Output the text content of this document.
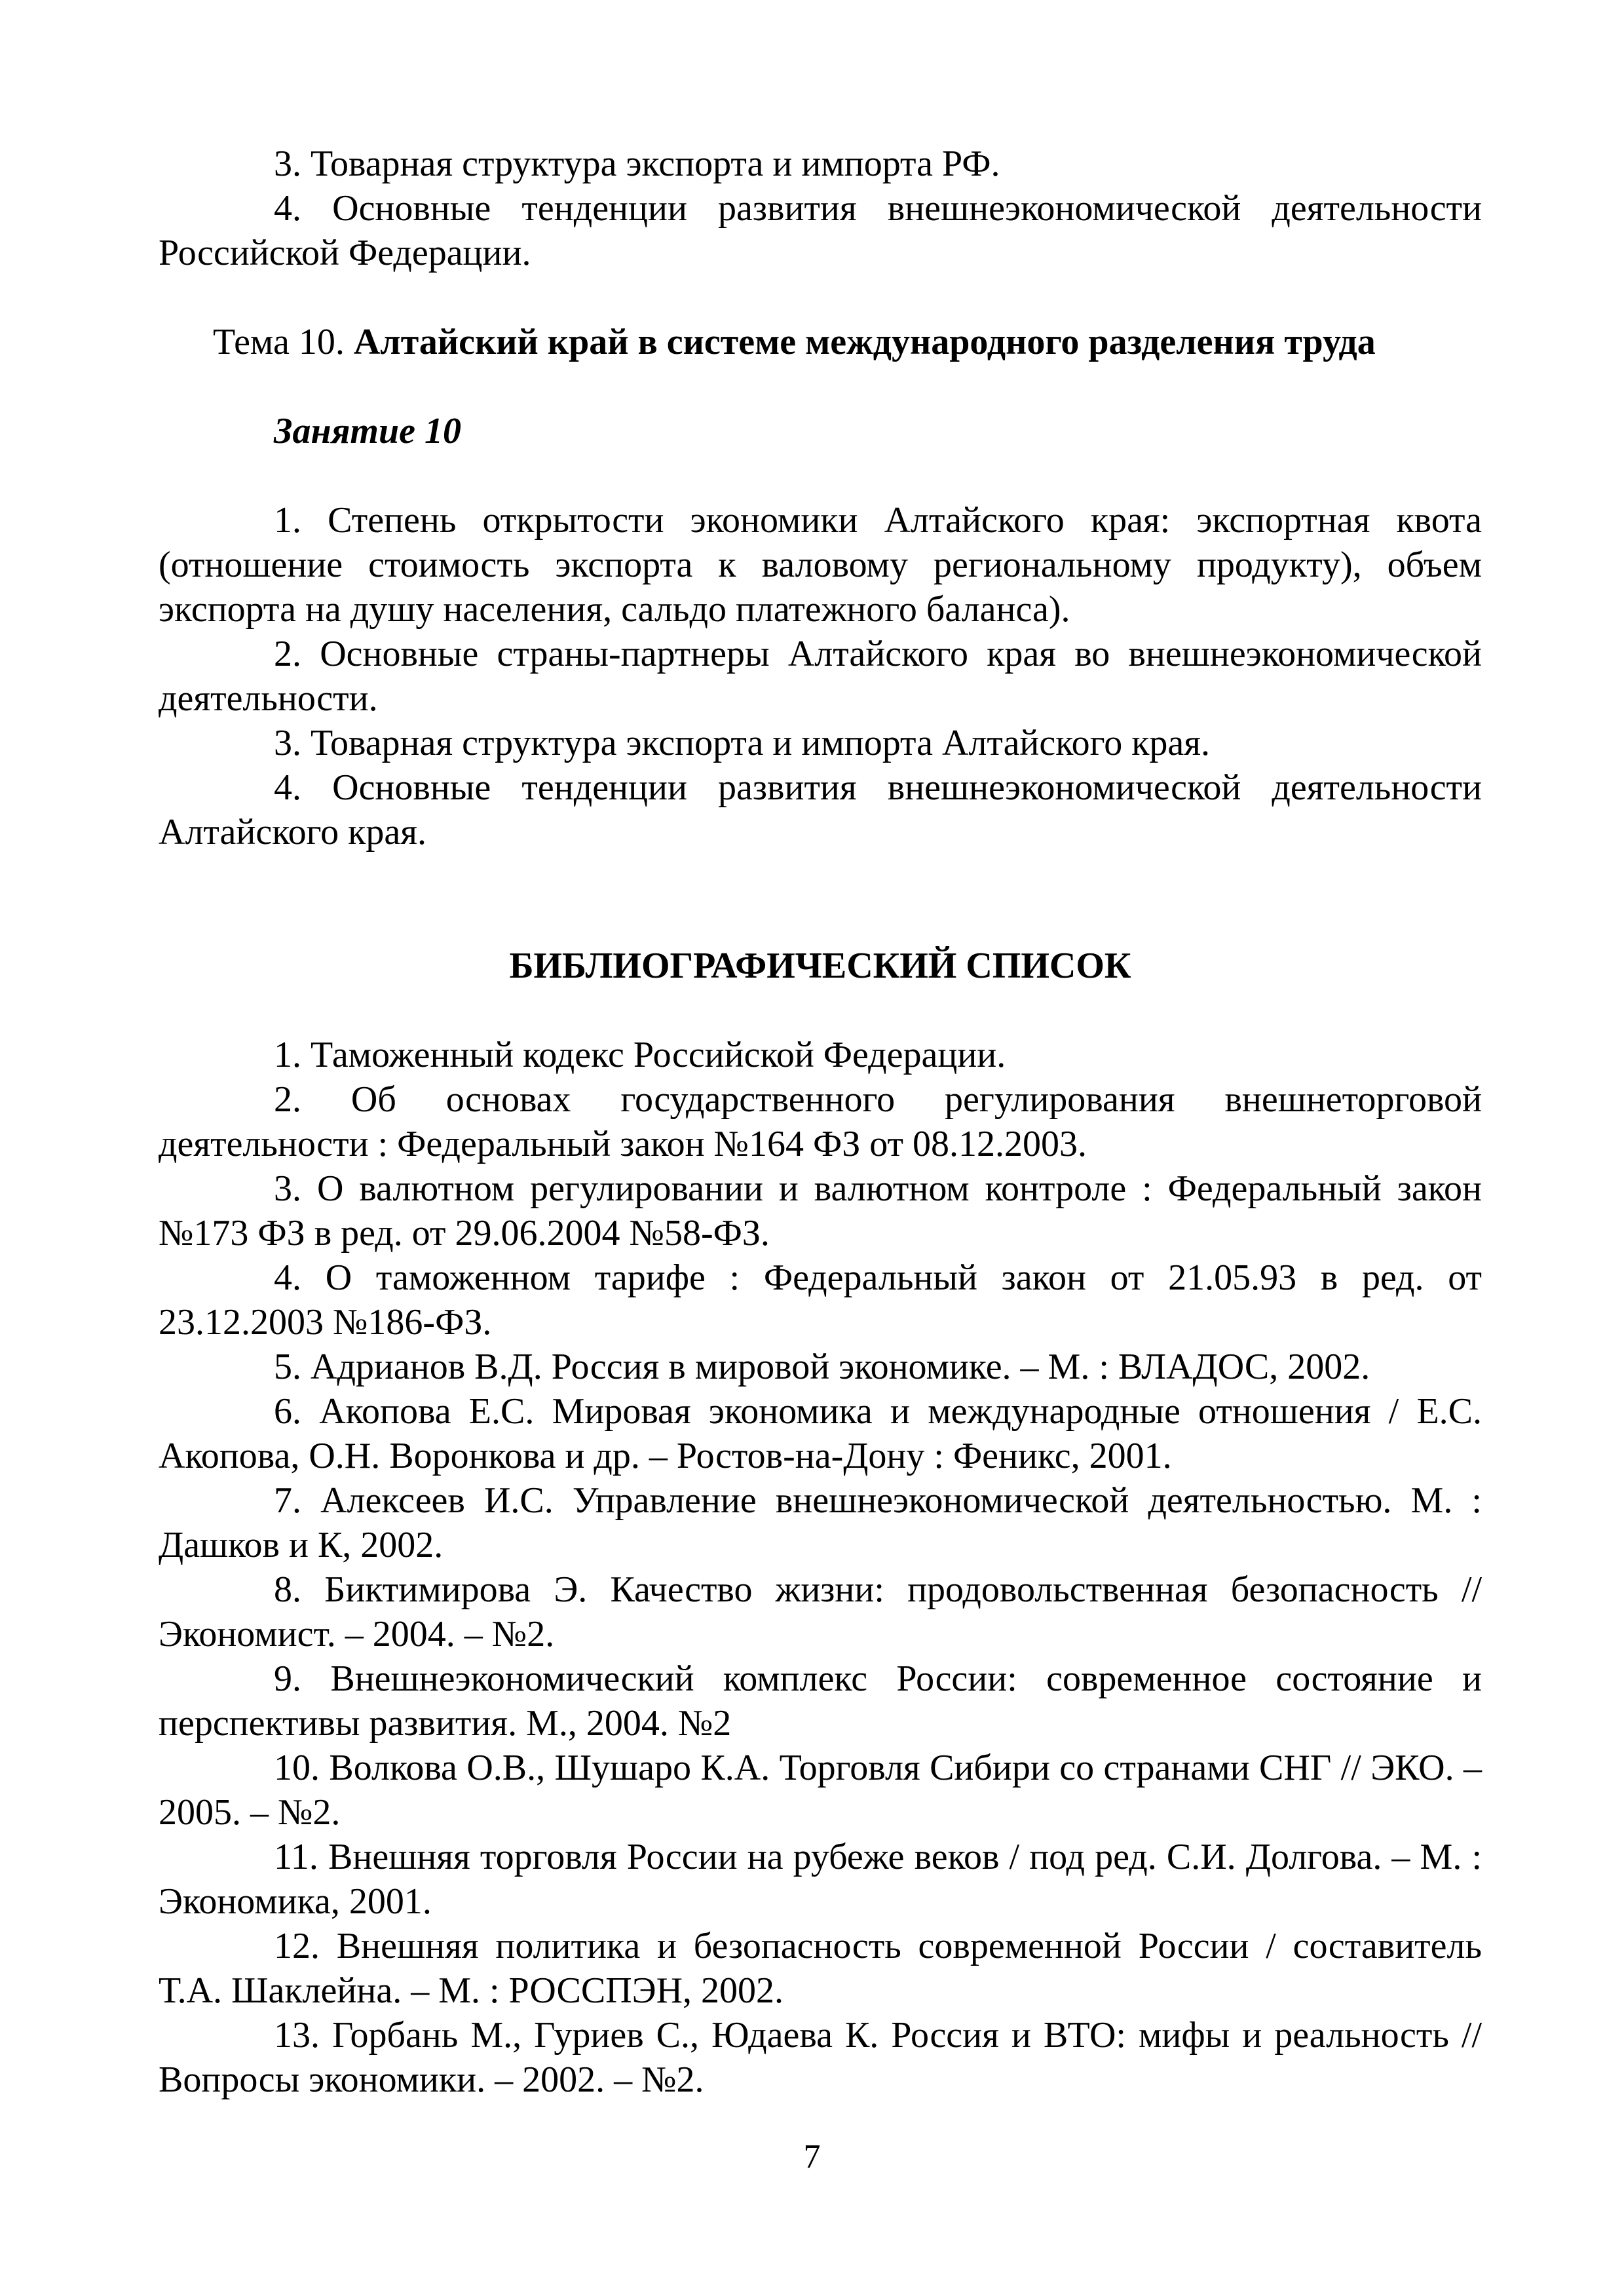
3. Товарная структура экспорта и импорта РФ.

4. Основные тенденции развития внешнеэкономической деятельности Российской Федерации.

Тема 10. Алтайский край в системе международного разделения труда

Занятие 10

1. Степень открытости экономики Алтайского края: экспортная квота (отношение стоимость экспорта к валовому региональному продукту), объем экспорта на душу населения, сальдо платежного баланса).

2. Основные страны-партнеры Алтайского края во внешнеэкономической деятельности.

3. Товарная структура экспорта и импорта Алтайского края.

4. Основные тенденции развития внешнеэкономической деятельности Алтайского края.

БИБЛИОГРАФИЧЕСКИЙ СПИСОК

1. Таможенный кодекс Российской Федерации.

2. Об основах государственного регулирования внешнеторговой деятельности : Федеральный закон №164 ФЗ от 08.12.2003.

3. О валютном регулировании и валютном контроле : Федеральный закон №173 ФЗ в ред. от 29.06.2004 №58-ФЗ.

4. О таможенном тарифе : Федеральный закон от 21.05.93 в ред. от 23.12.2003 №186-ФЗ.

5. Адрианов В.Д. Россия в мировой экономике. – М. : ВЛАДОС, 2002.

6. Акопова Е.С. Мировая экономика и международные отношения / Е.С. Акопова, О.Н. Воронкова и др. – Ростов-на-Дону : Феникс, 2001.

7. Алексеев И.С. Управление внешнеэкономической деятельностью. М. : Дашков и К, 2002.

8. Биктимирова Э. Качество жизни: продовольственная безопасность // Экономист. – 2004. – №2.

9. Внешнеэкономический комплекс России: современное состояние и перспективы развития. М., 2004. №2

10. Волкова О.В., Шушаро К.А. Торговля Сибири со странами СНГ // ЭКО. – 2005. – №2.

11. Внешняя торговля России на рубеже веков / под ред. С.И. Долгова. – М. : Экономика, 2001.

12. Внешняя политика и безопасность современной России / составитель Т.А. Шаклейна. – М. : РОССПЭН, 2002.

13. Горбань М., Гуриев С., Юдаева К. Россия и ВТО: мифы и реальность // Вопросы экономики. – 2002. – №2.

7
